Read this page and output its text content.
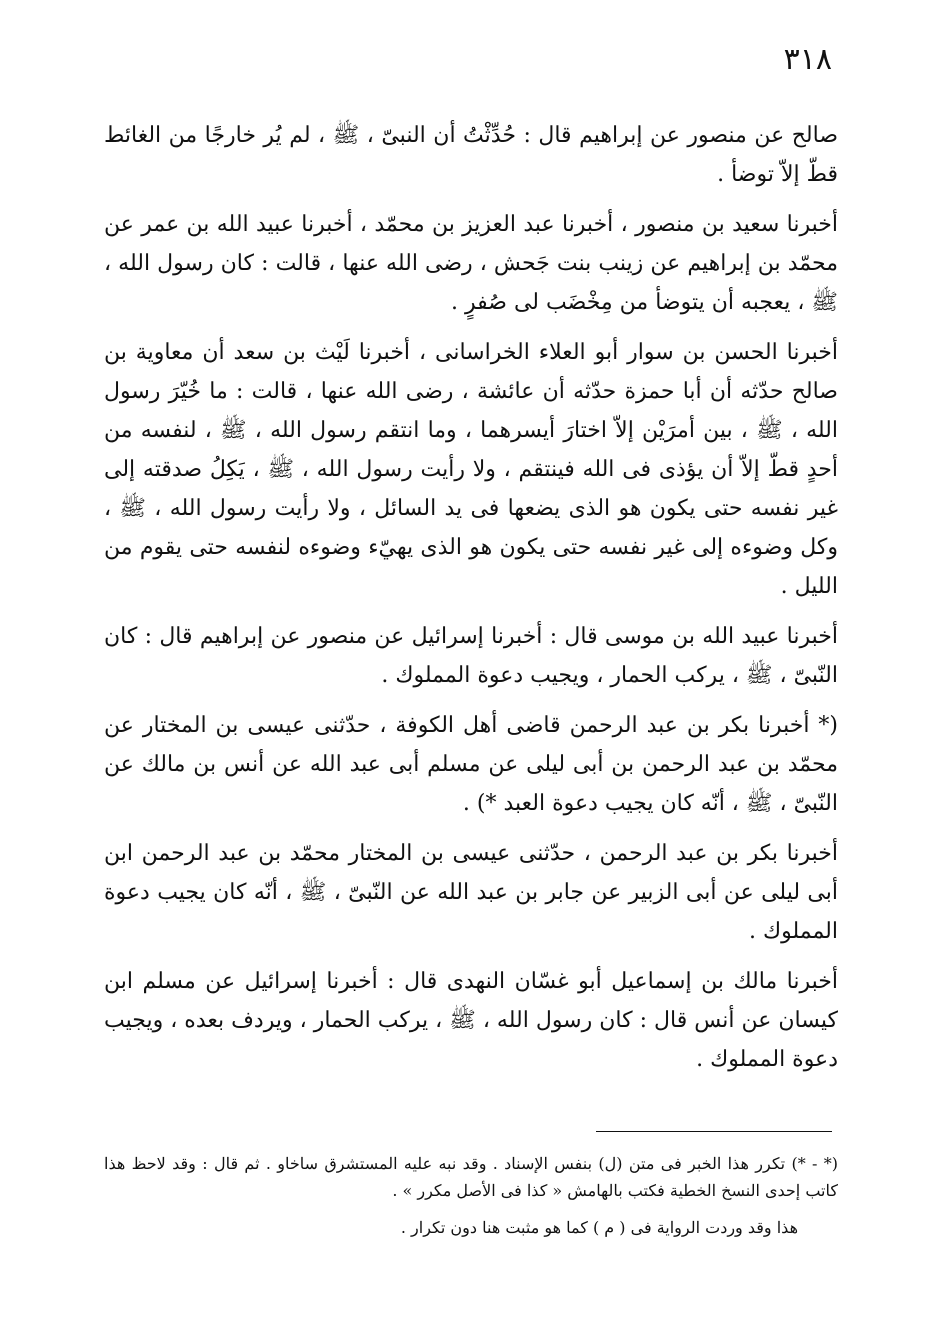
٣١٨

صالح عن منصور عن إبراهيم قال : حُدِّثْتُ أن النبىّ ، ﷺ ، لم يُر خارجًا من الغائط قطّ إلاّ توضأ .

أخبرنا سعيد بن منصور ، أخبرنا عبد العزيز بن محمّد ، أخبرنا عبيد الله بن عمر عن محمّد بن إبراهيم عن زينب بنت جَحش ، رضى الله عنها ، قالت : كان رسول الله ، ﷺ ، يعجبه أن يتوضأ من مِخْضَب لى صُفرٍ .

أخبرنا الحسن بن سوار أبو العلاء الخراسانى ، أخبرنا لَيْث بن سعد أن معاوية بن صالح حدّثه أن أبا حمزة حدّثه أن عائشة ، رضى الله عنها ، قالت : ما خُيّرَ رسول الله ، ﷺ ، بين أمرَيْن إلاّ اختارَ أيسرهما ، وما انتقم رسول الله ، ﷺ ، لنفسه من أحدٍ قطّ إلاّ أن يؤذى فى الله فينتقم ، ولا رأيت رسول الله ، ﷺ ، يَكِلُ صدقته إلى غير نفسه حتى يكون هو الذى يضعها فى يد السائل ، ولا رأيت رسول الله ، ﷺ ، وكل وضوءه إلى غير نفسه حتى يكون هو الذى يهيّء وضوءه لنفسه حتى يقوم من الليل .

أخبرنا عبيد الله بن موسى قال : أخبرنا إسرائيل عن منصور عن إبراهيم قال : كان النّبىّ ، ﷺ ، يركب الحمار ، ويجيب دعوة المملوك .

(* أخبرنا بكر بن عبد الرحمن قاضى أهل الكوفة ، حدّثنى عيسى بن المختار عن محمّد بن عبد الرحمن بن أبى ليلى عن مسلم أبى عبد الله عن أنس بن مالك عن النّبىّ ، ﷺ ، أنّه كان يجيب دعوة العبد *) .

أخبرنا بكر بن عبد الرحمن ، حدّثنى عيسى بن المختار محمّد بن عبد الرحمن ابن أبى ليلى عن أبى الزبير عن جابر بن عبد الله عن النّبىّ ، ﷺ ، أنّه كان يجيب دعوة المملوك .

أخبرنا مالك بن إسماعيل أبو غسّان النهدى قال : أخبرنا إسرائيل عن مسلم ابن كيسان عن أنس قال : كان رسول الله ، ﷺ ، يركب الحمار ، ويردف بعده ، ويجيب دعوة المملوك .

(* - *) تكرر هذا الخبر فى متن (ل) بنفس الإسناد . وقد نبه عليه المستشرق ساخاو . ثم قال : وقد لاحظ هذا كاتب إحدى النسخ الخطية فكتب بالهامش « كذا فى الأصل مكرر » .

هذا وقد وردت الرواية فى ( م ) كما هو مثبت هنا دون تكرار .
